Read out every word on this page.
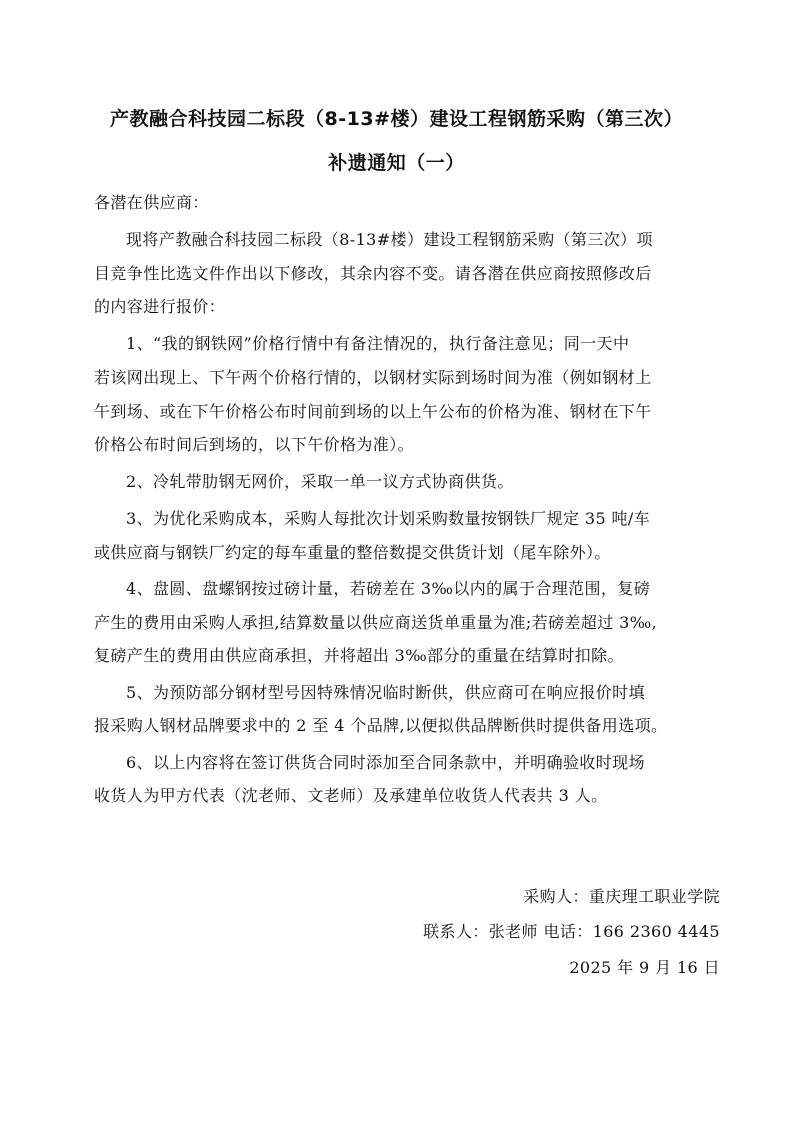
产教融合科技园二标段（8-13#楼）建设工程钢筋采购（第三次）
补遗通知（一）
各潜在供应商：
现将产教融合科技园二标段（8-13#楼）建设工程钢筋采购（第三次）项
目竞争性比选文件作出以下修改，其余内容不变。请各潜在供应商按照修改后
的内容进行报价：
1、“我的钢铁网”价格行情中有备注情况的，执行备注意见；同一天中
若该网出现上、下午两个价格行情的，以钢材实际到场时间为准（例如钢材上
午到场、或在下午价格公布时间前到场的以上午公布的价格为准、钢材在下午
价格公布时间后到场的，以下午价格为准）。
2、冷轧带肋钢无网价，采取一单一议方式协商供货。
3、为优化采购成本，采购人每批次计划采购数量按钢铁厂规定 35 吨/车
或供应商与钢铁厂约定的每车重量的整倍数提交供货计划（尾车除外）。
4、盘圆、盘螺钢按过磅计量，若磅差在 3‰以内的属于合理范围，复磅
产生的费用由采购人承担,结算数量以供应商送货单重量为准;若磅差超过 3‰,
复磅产生的费用由供应商承担，并将超出 3‰部分的重量在结算时扣除。
5、为预防部分钢材型号因特殊情况临时断供，供应商可在响应报价时填
报采购人钢材品牌要求中的 2 至 4 个品牌,以便拟供品牌断供时提供备用选项。
6、以上内容将在签订供货合同时添加至合同条款中，并明确验收时现场
收货人为甲方代表（沈老师、文老师）及承建单位收货人代表共 3 人。
采购人：重庆理工职业学院
联系人：张老师 电话：166 2360 4445
2025 年 9 月 16 日
